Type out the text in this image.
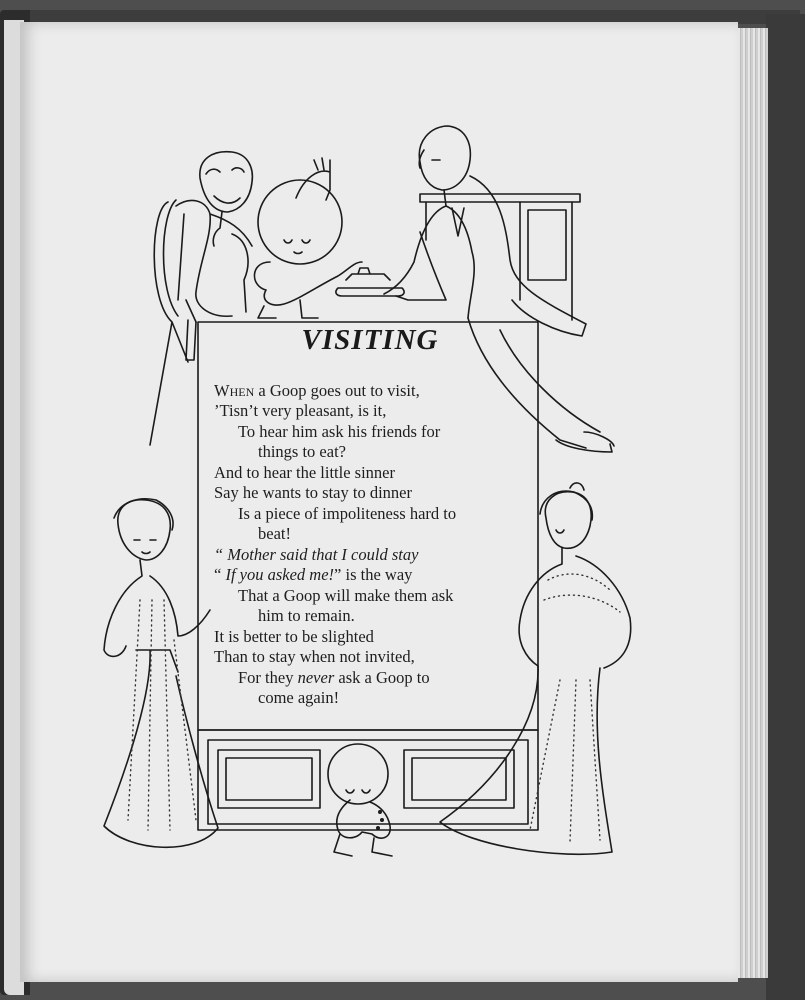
VISITING
When a Goop goes out to visit,
’Tisn’t very pleasant, is it,
To hear him ask his friends for
things to eat?
And to hear the little sinner
Say he wants to stay to dinner
Is a piece of impoliteness hard to
beat!
“ Mother said that I could stay
“ If you asked me!” is the way
That a Goop will make them ask
him to remain.
It is better to be slighted
Than to stay when not invited,
For they never ask a Goop to
come again!
